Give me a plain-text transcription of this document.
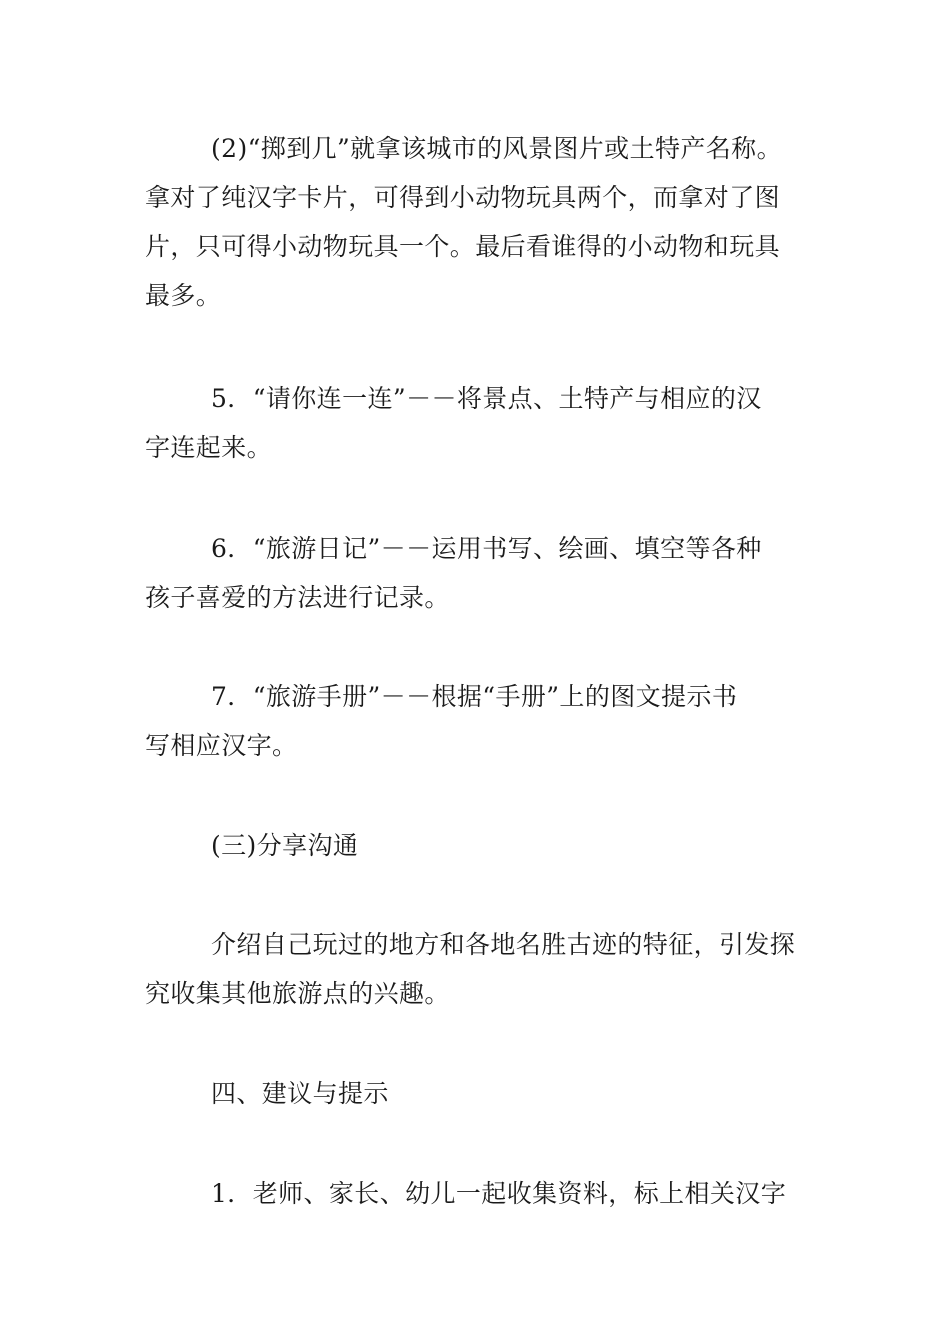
(2)“掷到几”就拿该城市的风景图片或土特产名称。
拿对了纯汉字卡片，可得到小动物玩具两个，而拿对了图
片，只可得小动物玩具一个。最后看谁得的小动物和玩具
最多。

5．“请你连一连”－－将景点、土特产与相应的汉
字连起来。

6．“旅游日记”－－运用书写、绘画、填空等各种
孩子喜爱的方法进行记录。

7．“旅游手册”－－根据“手册”上的图文提示书
写相应汉字。

(三)分享沟通

介绍自己玩过的地方和各地名胜古迹的特征，引发探
究收集其他旅游点的兴趣。

四、建议与提示

1．老师、家长、幼儿一起收集资料，标上相关汉字
